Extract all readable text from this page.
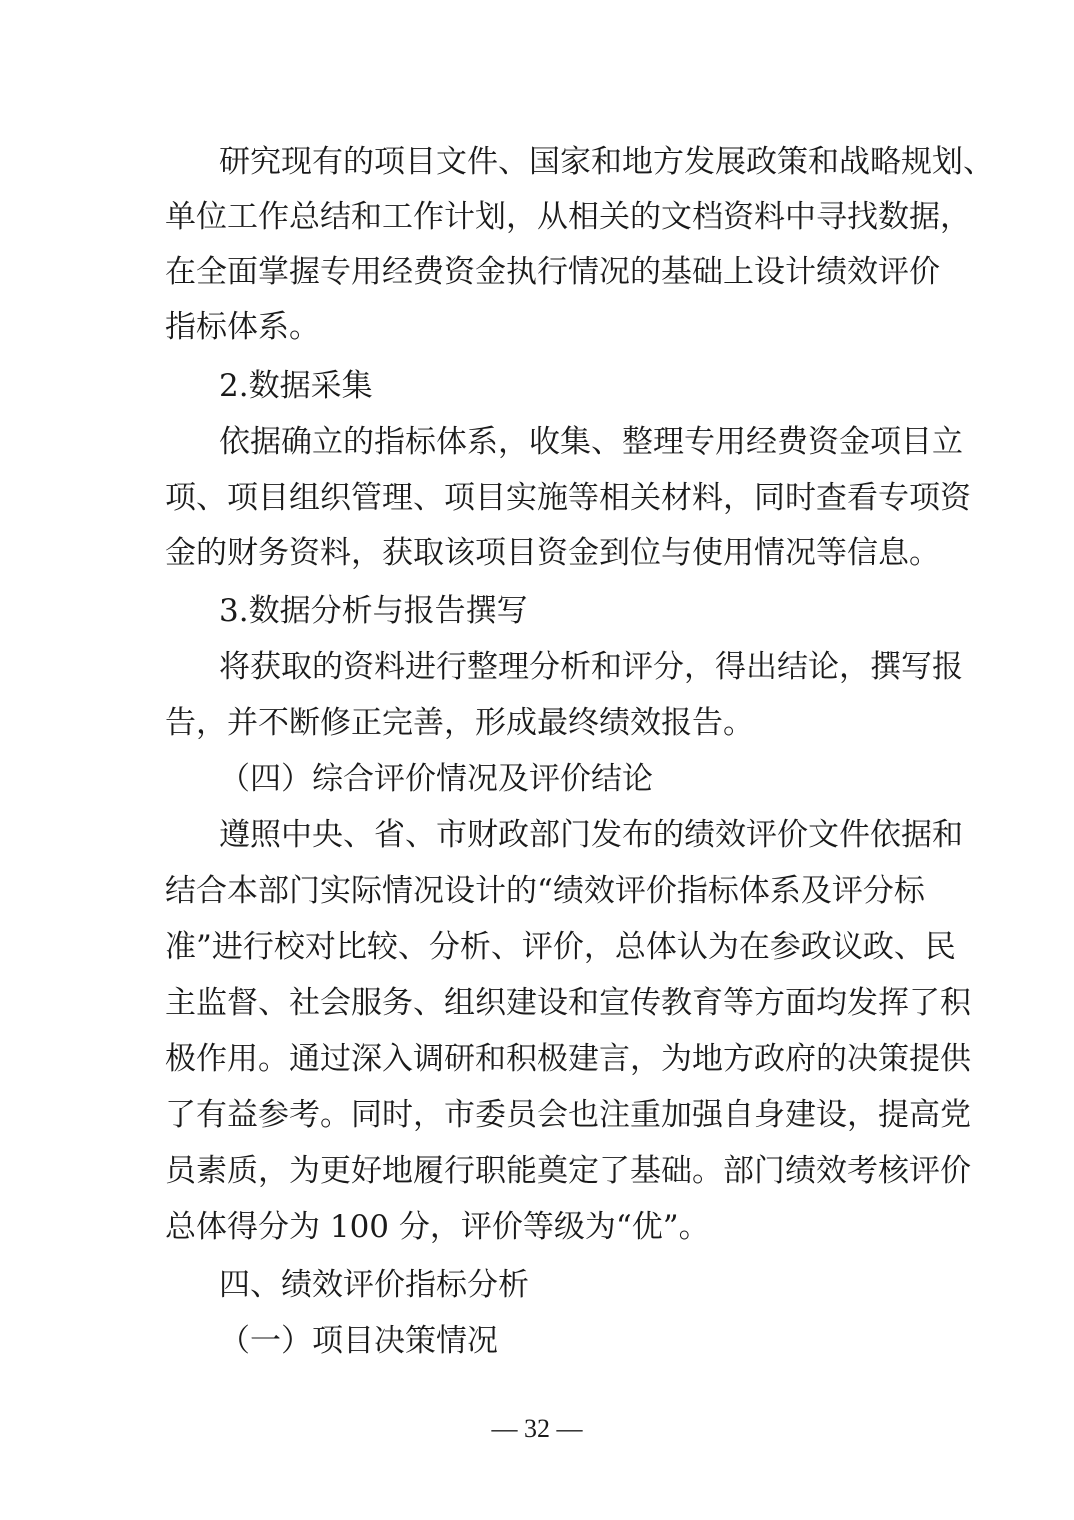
研究现有的项目文件、国家和地方发展政策和战略规划、
单位工作总结和工作计划，从相关的文档资料中寻找数据，
在全面掌握专用经费资金执行情况的基础上设计绩效评价
指标体系。
2.数据采集
依据确立的指标体系，收集、整理专用经费资金项目立
项、项目组织管理、项目实施等相关材料，同时查看专项资
金的财务资料，获取该项目资金到位与使用情况等信息。
3.数据分析与报告撰写
将获取的资料进行整理分析和评分，得出结论，撰写报
告，并不断修正完善，形成最终绩效报告。
（四）综合评价情况及评价结论
遵照中央、省、市财政部门发布的绩效评价文件依据和
结合本部门实际情况设计的“绩效评价指标体系及评分标
准”进行校对比较、分析、评价，总体认为在参政议政、民
主监督、社会服务、组织建设和宣传教育等方面均发挥了积
极作用。通过深入调研和积极建言，为地方政府的决策提供
了有益参考。同时，市委员会也注重加强自身建设，提高党
员素质，为更好地履行职能奠定了基础。部门绩效考核评价
总体得分为 100 分，评价等级为“优”。
四、绩效评价指标分析
（一）项目决策情况
— 32 —
